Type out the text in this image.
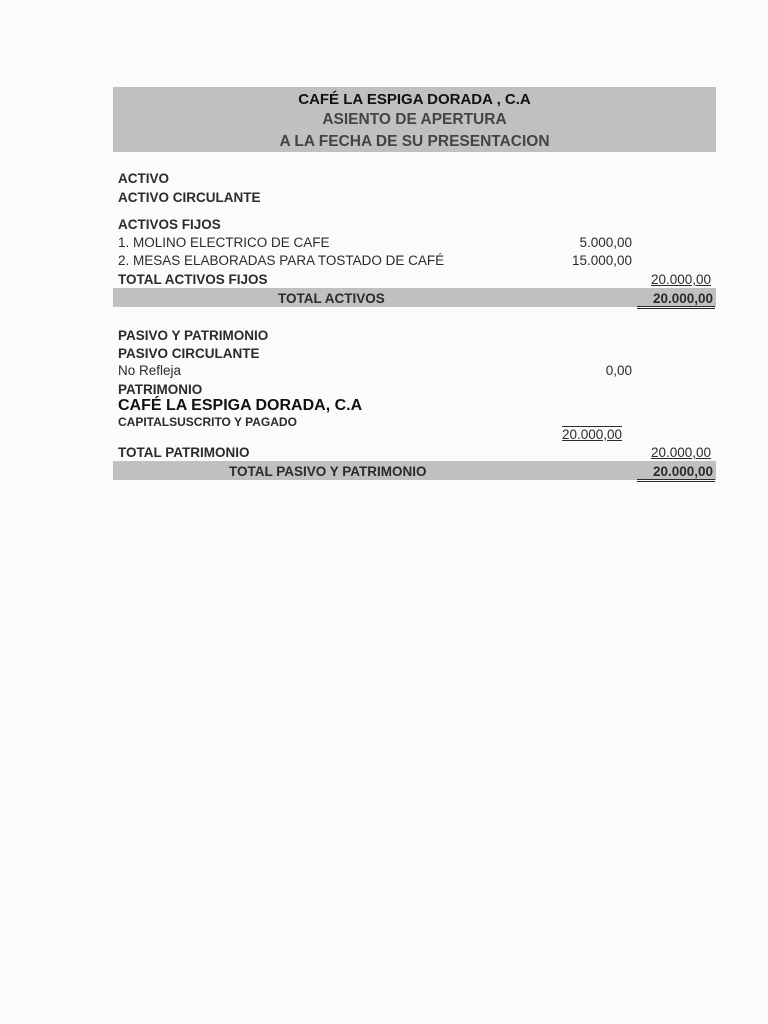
CAFÉ LA ESPIGA DORADA , C.A
ASIENTO DE APERTURA
A LA FECHA DE SU PRESENTACION
ACTIVO
ACTIVO CIRCULANTE
ACTIVOS FIJOS
1. MOLINO ELECTRICO DE CAFE	5.000,00
2. MESAS ELABORADAS PARA TOSTADO DE CAFÉ	15.000,00
TOTAL ACTIVOS FIJOS	20.000,00
TOTAL ACTIVOS	20.000,00
PASIVO Y PATRIMONIO
PASIVO CIRCULANTE
No Refleja	0,00
PATRIMONIO
CAFÉ LA ESPIGA DORADA, C.A
CAPITALSUSCRITO Y PAGADO
20.000,00
TOTAL PATRIMONIO	20.000,00
TOTAL PASIVO Y PATRIMONIO	20.000,00
